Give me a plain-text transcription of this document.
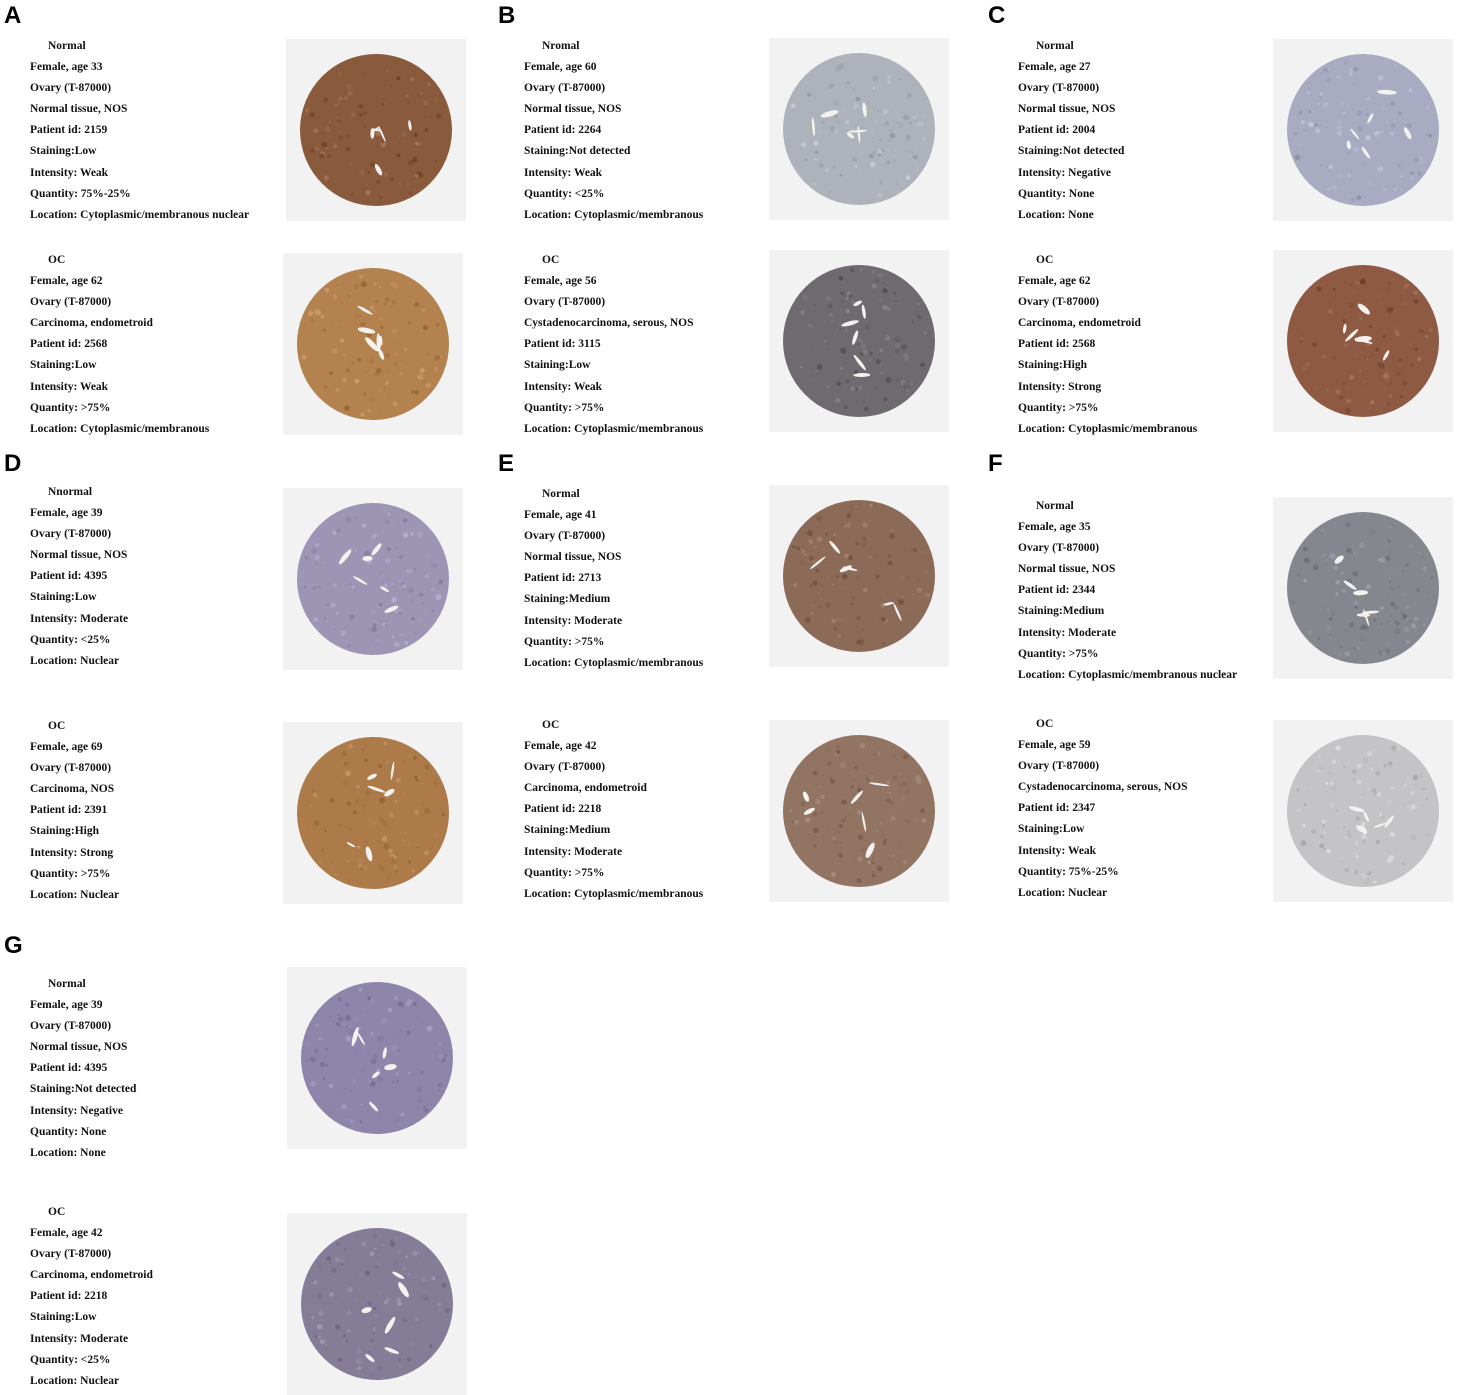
A
Normal
Female, age 33
Ovary (T-87000)
Normal tissue, NOS
Patient id: 2159
Staining:Low
Intensity: Weak
Quantity: 75%-25%
Location: Cytoplasmic/membranous nuclear
OC
Female, age 62
Ovary (T-87000)
Carcinoma, endometroid
Patient id: 2568
Staining:Low
Intensity: Weak
Quantity: >75%
Location: Cytoplasmic/membranous
B
Nromal
Female, age 60
Ovary (T-87000)
Normal tissue, NOS
Patient id: 2264
Staining:Not detected
Intensity: Weak
Quantity: <25%
Location: Cytoplasmic/membranous
OC
Female, age 56
Ovary (T-87000)
Cystadenocarcinoma, serous, NOS
Patient id: 3115
Staining:Low
Intensity: Weak
Quantity: >75%
Location: Cytoplasmic/membranous
C
Normal
Female, age 27
Ovary (T-87000)
Normal tissue, NOS
Patient id: 2004
Staining:Not detected
Intensity: Negative
Quantity: None
Location: None
OC
Female, age 62
Ovary (T-87000)
Carcinoma, endometroid
Patient id: 2568
Staining:High
Intensity: Strong
Quantity: >75%
Location: Cytoplasmic/membranous
D
Nnormal
Female, age 39
Ovary (T-87000)
Normal tissue, NOS
Patient id: 4395
Staining:Low
Intensity: Moderate
Quantity: <25%
Location: Nuclear
OC
Female, age 69
Ovary (T-87000)
Carcinoma, NOS
Patient id: 2391
Staining:High
Intensity: Strong
Quantity: >75%
Location: Nuclear
E
Normal
Female, age 41
Ovary (T-87000)
Normal tissue, NOS
Patient id: 2713
Staining:Medium
Intensity: Moderate
Quantity: >75%
Location: Cytoplasmic/membranous
OC
Female, age 42
Ovary (T-87000)
Carcinoma, endometroid
Patient id: 2218
Staining:Medium
Intensity: Moderate
Quantity: >75%
Location: Cytoplasmic/membranous
F
Normal
Female, age 35
Ovary (T-87000)
Normal tissue, NOS
Patient id: 2344
Staining:Medium
Intensity: Moderate
Quantity: >75%
Location: Cytoplasmic/membranous nuclear
OC
Female, age 59
Ovary (T-87000)
Cystadenocarcinoma, serous, NOS
Patient id: 2347
Staining:Low
Intensity: Weak
Quantity: 75%-25%
Location: Nuclear
G
Normal
Female, age 39
Ovary (T-87000)
Normal tissue, NOS
Patient id: 4395
Staining:Not detected
Intensity: Negative
Quantity: None
Location: None
OC
Female, age 42
Ovary (T-87000)
Carcinoma, endometroid
Patient id: 2218
Staining:Low
Intensity: Moderate
Quantity: <25%
Location: Nuclear
